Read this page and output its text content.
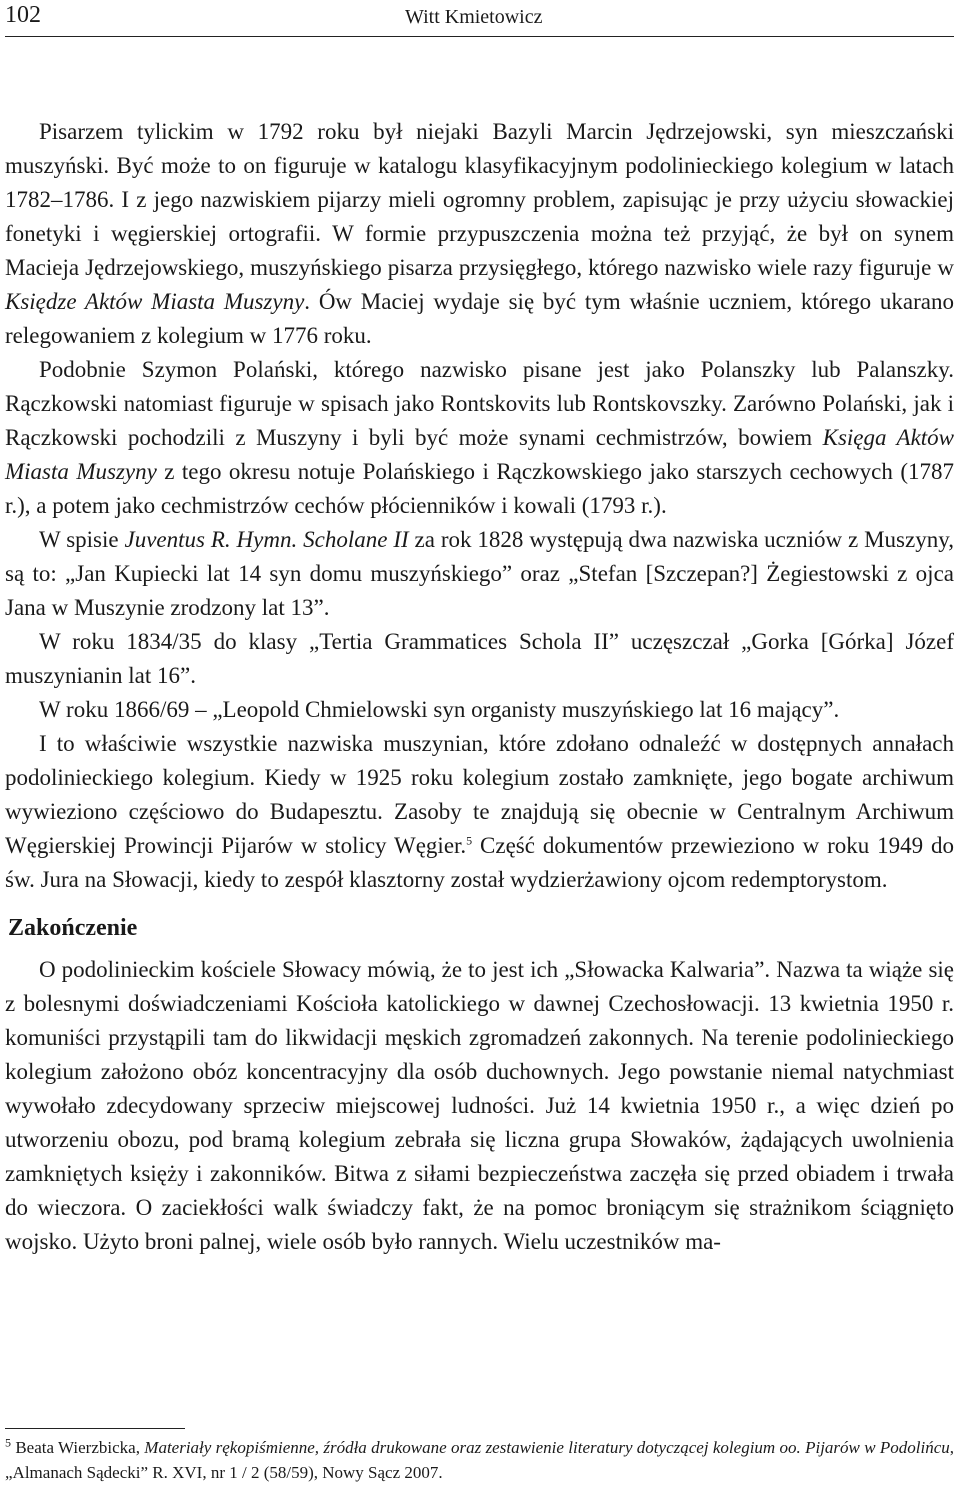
102	Witt Kmietowicz

Pisarzem tylickim w 1792 roku był niejaki Bazyli Marcin Jędrzejowski, syn mieszczański muszyński. Być może to on figuruje w katalogu klasyfikacyjnym podolinieckiego kolegium w latach 1782–1786. I z jego nazwiskiem pijarzy mieli ogromny problem, zapisując je przy użyciu słowackiej fonetyki i węgierskiej ortografii. W formie przypuszczenia można też przyjąć, że był on synem Macieja Jędrzejowskiego, muszyńskiego pisarza przysięgłego, którego nazwisko wiele razy figuruje w Księdze Aktów Miasta Muszyny. Ów Maciej wydaje się być tym właśnie uczniem, którego ukarano relegowaniem z kolegium w 1776 roku.

Podobnie Szymon Polański, którego nazwisko pisane jest jako Polanszky lub Palanszky. Rączkowski natomiast figuruje w spisach jako Rontskovits lub Rontskovszky. Zarówno Polański, jak i Rączkowski pochodzili z Muszyny i byli być może synami cechmistrzów, bowiem Księga Aktów Miasta Muszyny z tego okresu notuje Polańskiego i Rączkowskiego jako starszych cechowych (1787 r.), a potem jako cechmistrzów cechów płócienników i kowali (1793 r.).

W spisie Juventus R. Hymn. Scholane II za rok 1828 występują dwa nazwiska uczniów z Muszyny, są to: „Jan Kupiecki lat 14 syn domu muszyńskiego” oraz „Stefan [Szczepan?] Żegiestowski z ojca Jana w Muszynie zrodzony lat 13”.

W roku 1834/35 do klasy „Tertia Grammatices Schola II” uczęszczał „Gorka [Górka] Józef muszynianin lat 16”.

W roku 1866/69 – „Leopold Chmielowski syn organisty muszyńskiego lat 16 mający”.

I to właściwie wszystkie nazwiska muszynian, które zdołano odnaleźć w dostępnych annałach podolinieckiego kolegium. Kiedy w 1925 roku kolegium zostało zamknięte, jego bogate archiwum wywieziono częściowo do Budapesztu. Zasoby te znajdują się obecnie w Centralnym Archiwum Węgierskiej Prowincji Pijarów w stolicy Węgier.$^5$ Część dokumentów przewieziono w roku 1949 do św. Jura na Słowacji, kiedy to zespół klasztorny został wydzierżawiony ojcom redemptorystom.

Zakończenie

O podolinieckim kościele Słowacy mówią, że to jest ich „Słowacka Kalwaria”. Nazwa ta wiąże się z bolesnymi doświadczeniami Kościoła katolickiego w dawnej Czechosłowacji. 13 kwietnia 1950 r. komuniści przystąpili tam do likwidacji męskich zgromadzeń zakonnych. Na terenie podolinieckiego kolegium założono obóz koncentracyjny dla osób duchownych. Jego powstanie niemal natychmiast wywołało zdecydowany sprzeciw miejscowej ludności. Już 14 kwietnia 1950 r., a więc dzień po utworzeniu obozu, pod bramą kolegium zebrała się liczna grupa Słowaków, żądających uwolnienia zamkniętych księży i zakonników. Bitwa z siłami bezpieczeństwa zaczęła się przed obiadem i trwała do wieczora. O zaciekłości walk świadczy fakt, że na pomoc broniącym się strażnikom ściągnięto wojsko. Użyto broni palnej, wiele osób było rannych. Wielu uczestników ma-

$^5$ Beata Wierzbicka, Materiały rękopiśmienne, źródła drukowane oraz zestawienie literatury dotyczącej kolegium oo. Pijarów w Podolińcu, „Almanach Sądecki” R. XVI, nr 1 / 2 (58/59), Nowy Sącz 2007.
